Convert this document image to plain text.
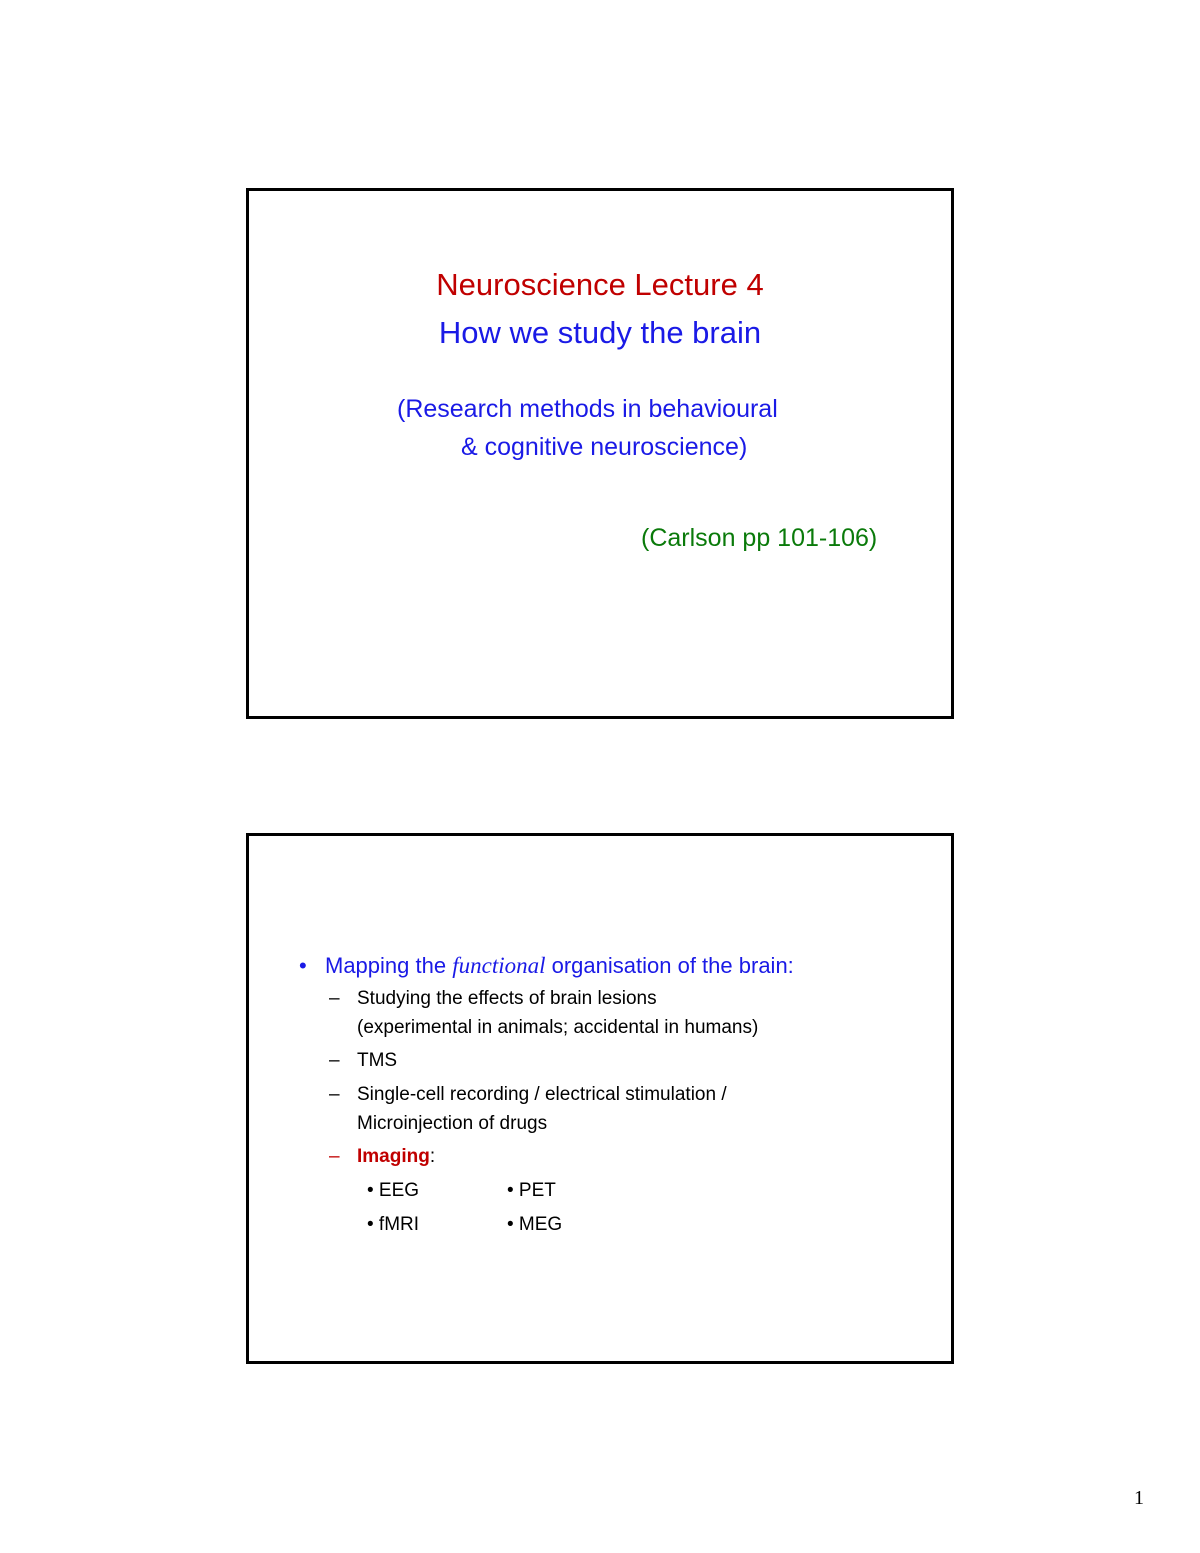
Neuroscience Lecture 4
How we study the brain
(Research methods in behavioural
& cognitive neuroscience)
(Carlson pp 101-106)
• Mapping the functional organisation of the brain:
– Studying the effects of brain lesions
(experimental in animals; accidental in humans)
– TMS
– Single-cell recording / electrical stimulation /
Microinjection of drugs
– Imaging:
• EEG	• PET
• fMRI	• MEG
1
